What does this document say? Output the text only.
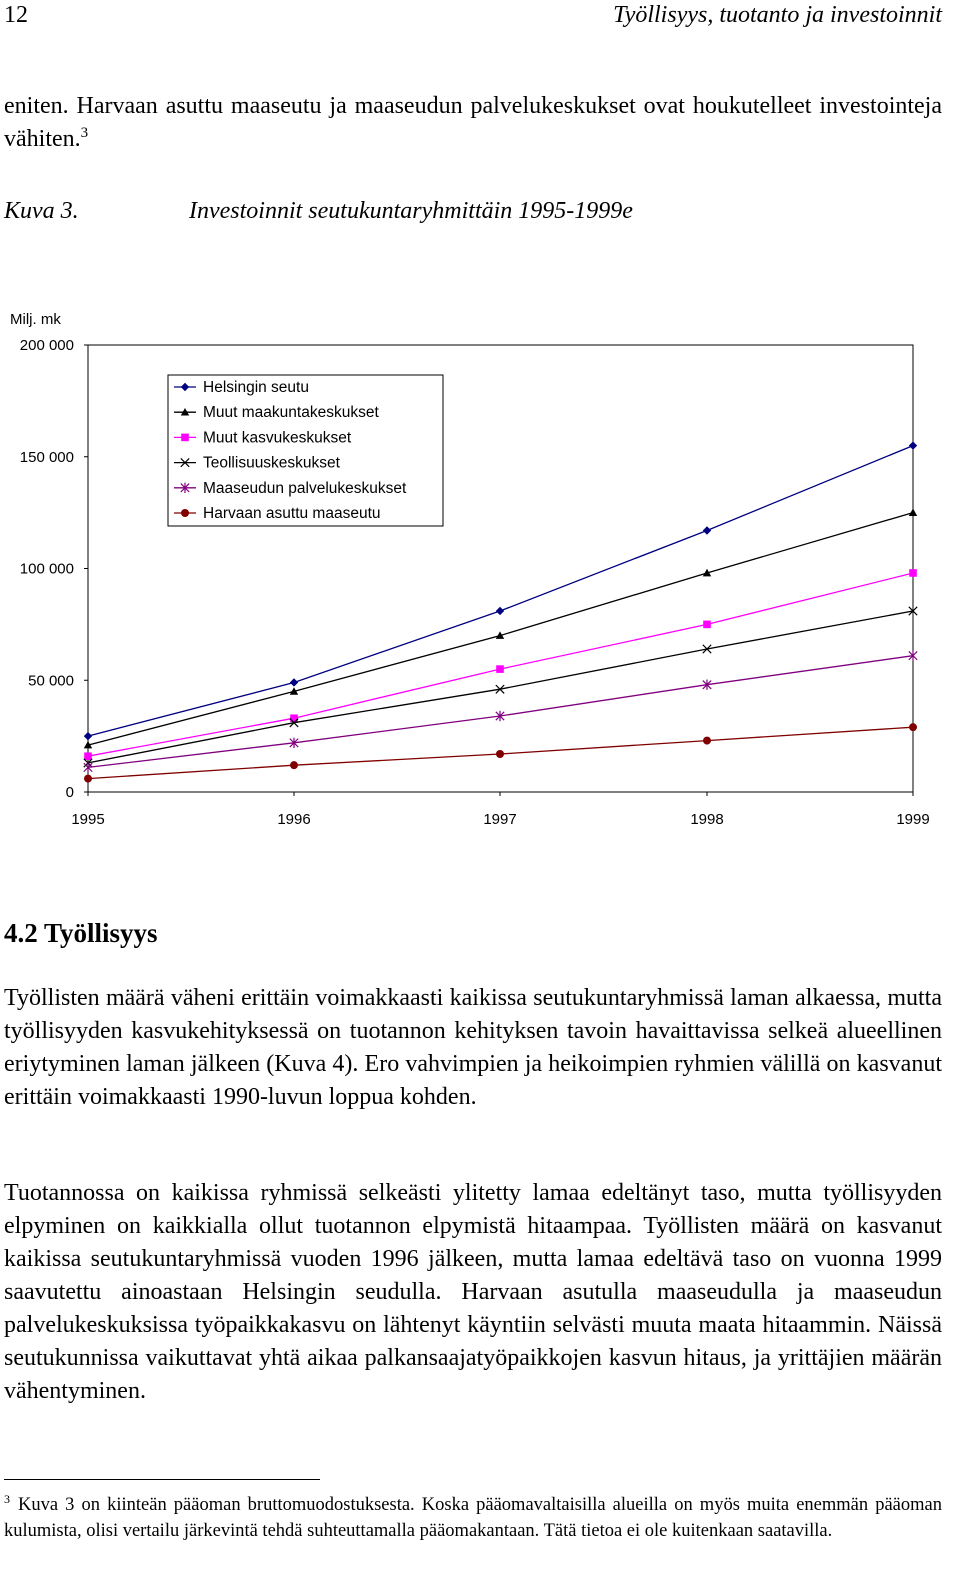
12	Työllisyys, tuotanto ja investoinnit

eniten. Harvaan asuttu maaseutu ja maaseudun palvelukeskukset ovat houkutelleet investointeja vähiten.$^3$

Kuva 3.	Investoinnit seutukuntaryhmittäin 1995-1999e
Milj. mk
0
50 000
100 000
150 000
200 000
1995	1996	1997	1998	1999
Helsingin seutu
Muut maakuntakeskukset
Muut kasvukeskukset
Teollisuuskeskukset
Maaseudun palvelukeskukset
Harvaan asuttu maaseutu
4.2 Työllisyys

Työllisten määrä väheni erittäin voimakkaasti kaikissa seutukuntaryhmissä laman alkaessa, mutta työllisyyden kasvukehityksessä on tuotannon kehityksen tavoin havaittavissa selkeä alueellinen eriytyminen laman jälkeen (Kuva 4). Ero vahvimpien ja heikoimpien ryhmien välillä on kasvanut erittäin voimakkaasti 1990-luvun loppua kohden.

Tuotannossa on kaikissa ryhmissä selkeästi ylitetty lamaa edeltänyt taso, mutta työllisyyden elpyminen on kaikkialla ollut tuotannon elpymistä hitaampaa. Työllisten määrä on kasvanut kaikissa seutukuntaryhmissä vuoden 1996 jälkeen, mutta lamaa edeltävä taso on vuonna 1999 saavutettu ainoastaan Helsingin seudulla. Harvaan asutulla maaseudulla ja maaseudun palvelukeskuksissa työpaikkakasvu on lähtenyt käyntiin selvästi muuta maata hitaammin. Näissä seutukunnissa vaikuttavat yhtä aikaa palkansaajatyöpaikkojen kasvun hitaus, ja yrittäjien määrän vähentyminen.

$^3$ Kuva 3 on kiinteän pääoman bruttomuodostuksesta. Koska pääomavaltaisilla alueilla on myös muita enemmän pääoman kulumista, olisi vertailu järkevintä tehdä suhteuttamalla pääomakantaan. Tätä tietoa ei ole kuitenkaan saatavilla.
